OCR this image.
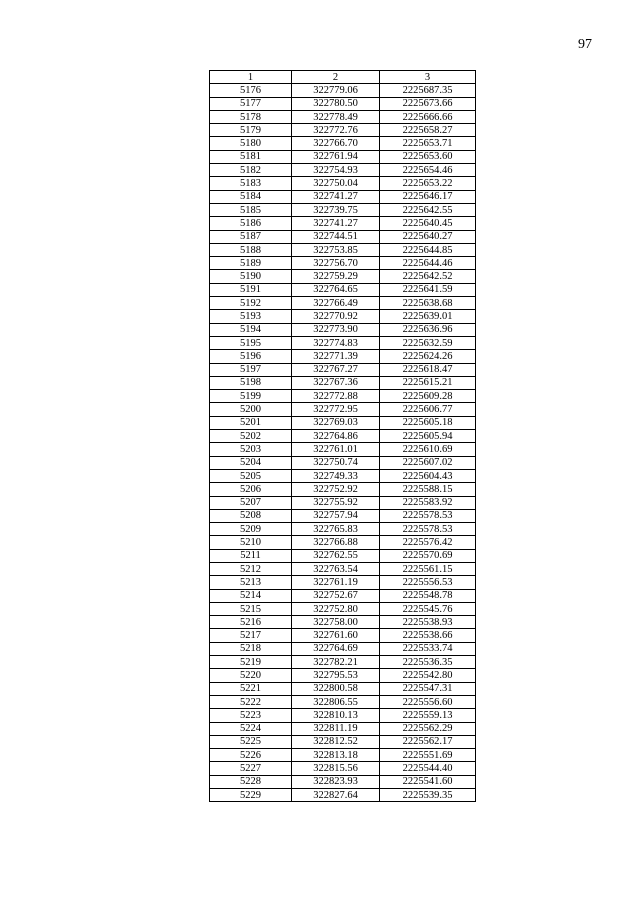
97
1	2	3
5176	322779.06	2225687.35
5177	322780.50	2225673.66
5178	322778.49	2225666.66
5179	322772.76	2225658.27
5180	322766.70	2225653.71
5181	322761.94	2225653.60
5182	322754.93	2225654.46
5183	322750.04	2225653.22
5184	322741.27	2225646.17
5185	322739.75	2225642.55
5186	322741.27	2225640.45
5187	322744.51	2225640.27
5188	322753.85	2225644.85
5189	322756.70	2225644.46
5190	322759.29	2225642.52
5191	322764.65	2225641.59
5192	322766.49	2225638.68
5193	322770.92	2225639.01
5194	322773.90	2225636.96
5195	322774.83	2225632.59
5196	322771.39	2225624.26
5197	322767.27	2225618.47
5198	322767.36	2225615.21
5199	322772.88	2225609.28
5200	322772.95	2225606.77
5201	322769.03	2225605.18
5202	322764.86	2225605.94
5203	322761.01	2225610.69
5204	322750.74	2225607.02
5205	322749.33	2225604.43
5206	322752.92	2225588.15
5207	322755.92	2225583.92
5208	322757.94	2225578.53
5209	322765.83	2225578.53
5210	322766.88	2225576.42
5211	322762.55	2225570.69
5212	322763.54	2225561.15
5213	322761.19	2225556.53
5214	322752.67	2225548.78
5215	322752.80	2225545.76
5216	322758.00	2225538.93
5217	322761.60	2225538.66
5218	322764.69	2225533.74
5219	322782.21	2225536.35
5220	322795.53	2225542.80
5221	322800.58	2225547.31
5222	322806.55	2225556.60
5223	322810.13	2225559.13
5224	322811.19	2225562.29
5225	322812.52	2225562.17
5226	322813.18	2225551.69
5227	322815.56	2225544.40
5228	322823.93	2225541.60
5229	322827.64	2225539.35
